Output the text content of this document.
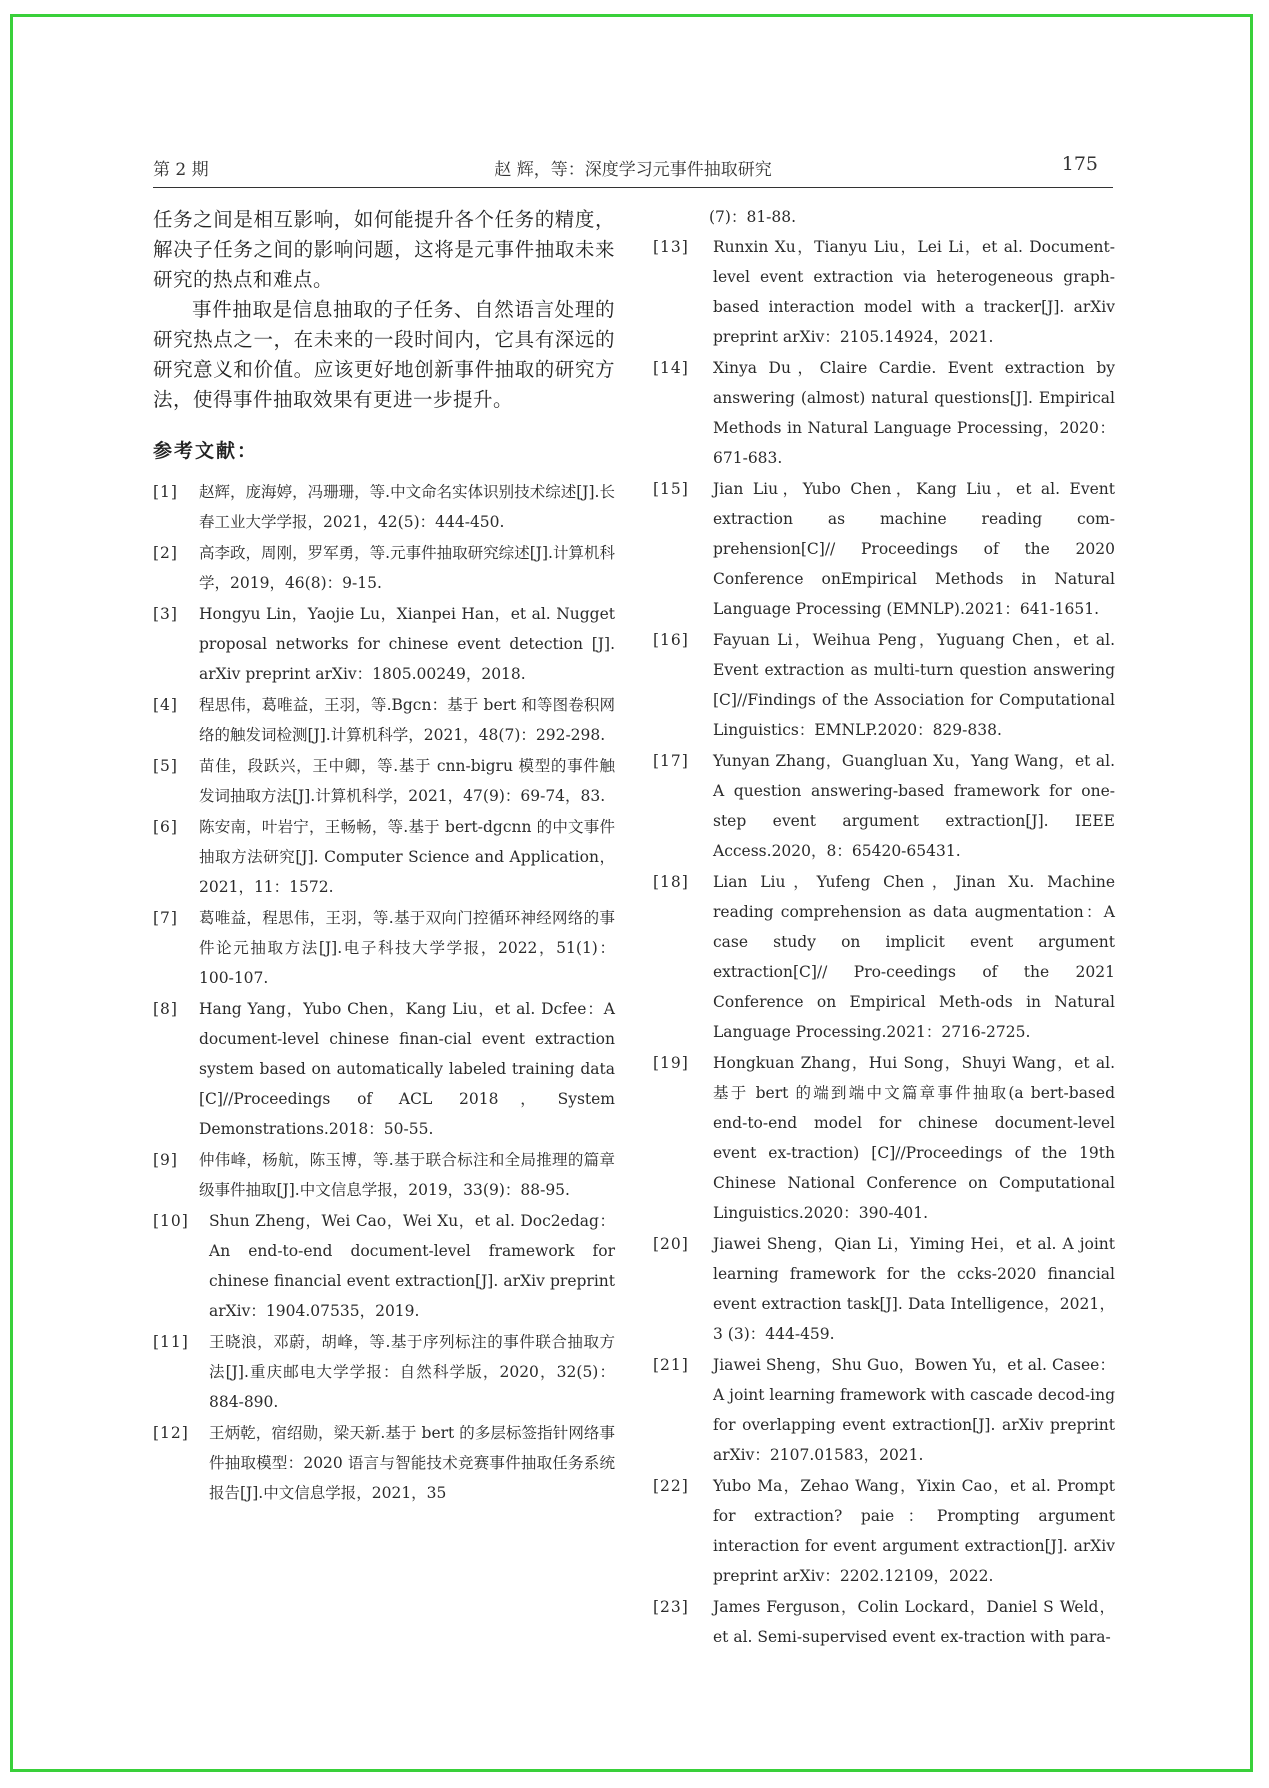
第 2 期	赵 辉，等：深度学习元事件抽取研究	175

任务之间是相互影响，如何能提升各个任务的精度，解决子任务之间的影响问题，这将是元事件抽取未来研究的热点和难点。

事件抽取是信息抽取的子任务、自然语言处理的研究热点之一，在未来的一段时间内，它具有深远的研究意义和价值。应该更好地创新事件抽取的研究方法，使得事件抽取效果有更进一步提升。

参考文献：
[1] 赵辉，庞海婷，冯珊珊，等.中文命名实体识别技术综述[J].长春工业大学学报，2021，42(5)：444-450.
[2] 高李政，周刚，罗军勇，等.元事件抽取研究综述[J].计算机科学，2019，46(8)：9-15.
[3] Hongyu Lin，Yaojie Lu，Xianpei Han，et al. Nugget proposal networks for chinese event detection [J]. arXiv preprint arXiv：1805.00249，2018.
[4] 程思伟，葛唯益，王羽，等.Bgcn：基于 bert 和等图卷积网络的触发词检测[J].计算机科学，2021，48(7)：292-298.
[5] 苗佳，段跃兴，王中卿，等.基于 cnn-bigru 模型的事件触发词抽取方法[J].计算机科学，2021，47(9)：69-74，83.
[6] 陈安南，叶岩宁，王畅畅，等.基于 bert-dgcnn 的中文事件抽取方法研究[J]. Computer Science and Application，2021，11：1572.
[7] 葛唯益，程思伟，王羽，等.基于双向门控循环神经网络的事件论元抽取方法[J].电子科技大学学报，2022，51(1)：100-107.
[8] Hang Yang，Yubo Chen，Kang Liu，et al. Dcfee：A document-level chinese finan-cial event extraction system based on automatically labeled training data [C]//Proceedings of ACL 2018，System Demonstrations.2018：50-55.
[9] 仲伟峰，杨航，陈玉博，等.基于联合标注和全局推理的篇章级事件抽取[J].中文信息学报，2019，33(9)：88-95.
[10] Shun Zheng，Wei Cao，Wei Xu，et al. Doc2edag：An end-to-end document-level framework for chinese financial event extraction[J]. arXiv preprint arXiv：1904.07535，2019.
[11] 王晓浪，邓蔚，胡峰，等.基于序列标注的事件联合抽取方法[J].重庆邮电大学学报：自然科学版，2020，32(5)：884-890.
[12] 王炳乾，宿绍勋，梁天新.基于 bert 的多层标签指针网络事件抽取模型：2020 语言与智能技术竞赛事件抽取任务系统报告[J].中文信息学报，2021，35
(7)：81-88.
[13] Runxin Xu，Tianyu Liu，Lei Li，et al. Document-level event extraction via heterogeneous graph-based interaction model with a tracker[J]. arXiv preprint arXiv：2105.14924，2021.
[14] Xinya Du，Claire Cardie. Event extraction by answering (almost) natural questions[J]. Empirical Methods in Natural Language Processing，2020：671-683.
[15] Jian Liu，Yubo Chen，Kang Liu，et al. Event extraction as machine reading com-prehension[C]// Proceedings of the 2020 Conference onEmpirical Methods in Natural Language Processing (EMNLP).2021：641-1651.
[16] Fayuan Li，Weihua Peng，Yuguang Chen，et al. Event extraction as multi-turn question answering [C]//Findings of the Association for Computational Linguistics：EMNLP.2020：829-838.
[17] Yunyan Zhang，Guangluan Xu，Yang Wang，et al. A question answering-based framework for one-step event argument extraction[J]. IEEE Access.2020，8：65420-65431.
[18] Lian Liu，Yufeng Chen，Jinan Xu. Machine reading comprehension as data augmentation：A case study on implicit event argument extraction[C]// Pro-ceedings of the 2021 Conference on Empirical Meth-ods in Natural Language Processing.2021：2716-2725.
[19] Hongkuan Zhang，Hui Song，Shuyi Wang，et al. 基于 bert 的端到端中文篇章事件抽取(a bert-based end-to-end model for chinese document-level event ex-traction) [C]//Proceedings of the 19th Chinese National Conference on Computational Linguistics.2020：390-401.
[20] Jiawei Sheng，Qian Li，Yiming Hei，et al. A joint learning framework for the ccks-2020 financial event extraction task[J]. Data Intelligence，2021，3 (3)：444-459.
[21] Jiawei Sheng，Shu Guo，Bowen Yu，et al. Casee：A joint learning framework with cascade decod-ing for overlapping event extraction[J]. arXiv preprint arXiv：2107.01583，2021.
[22] Yubo Ma，Zehao Wang，Yixin Cao，et al. Prompt for extraction? paie：Prompting argument interaction for event argument extraction[J]. arXiv preprint arXiv：2202.12109，2022.
[23] James Ferguson，Colin Lockard，Daniel S Weld，et al. Semi-supervised event ex-traction with para-
